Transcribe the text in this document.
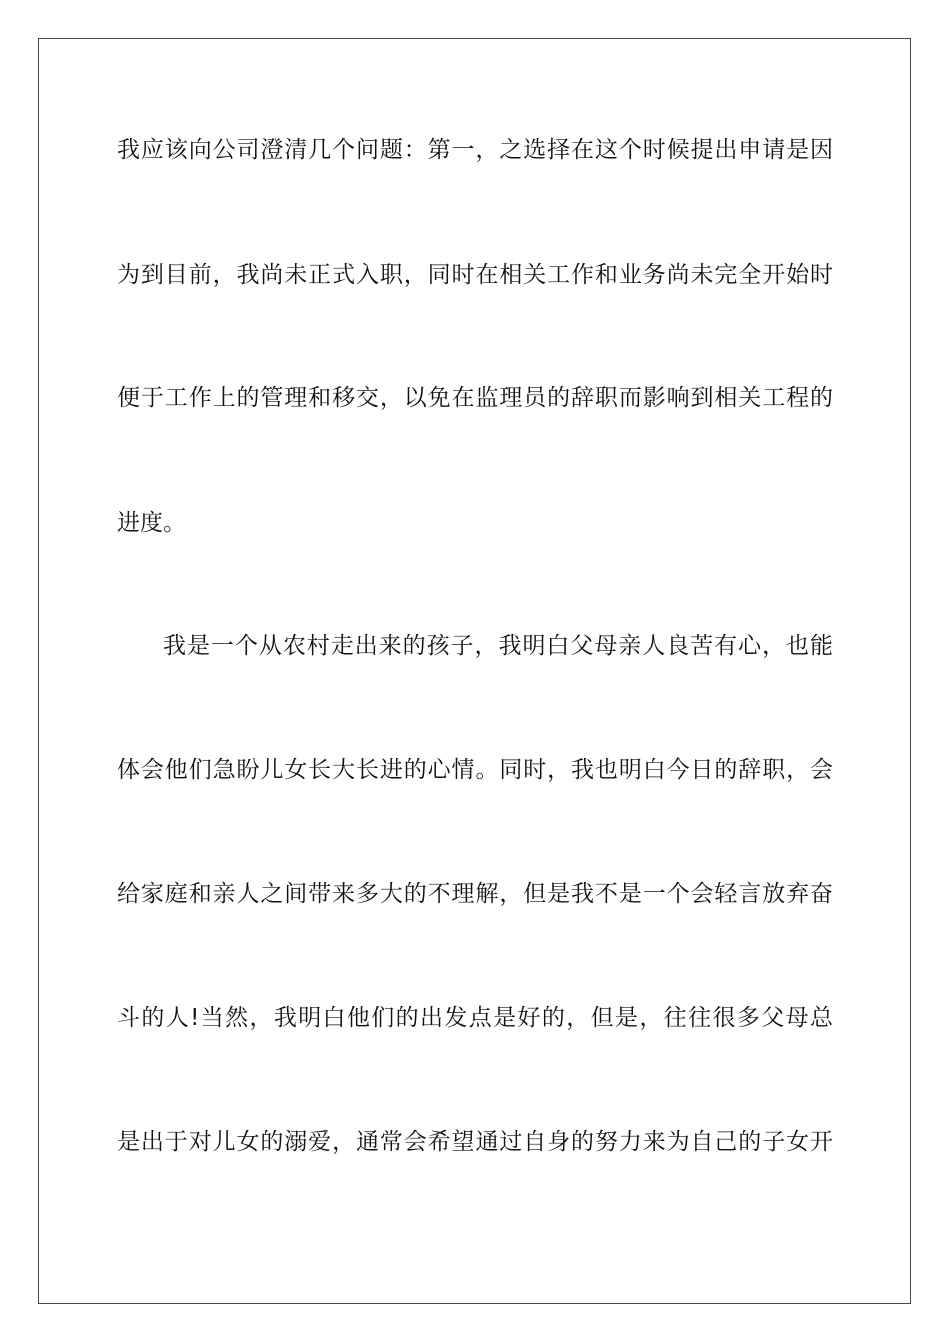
我应该向公司澄清几个问题：第一，之选择在这个时候提出申请是因
为到目前，我尚未正式入职，同时在相关工作和业务尚未完全开始时
便于工作上的管理和移交，以免在监理员的辞职而影响到相关工程的
进度。
我是一个从农村走出来的孩子，我明白父母亲人良苦有心，也能
体会他们急盼儿女长大长进的心情。同时，我也明白今日的辞职，会
给家庭和亲人之间带来多大的不理解，但是我不是一个会轻言放弃奋
斗的人!当然，我明白他们的出发点是好的，但是，往往很多父母总
是出于对儿女的溺爱，通常会希望通过自身的努力来为自己的子女开
